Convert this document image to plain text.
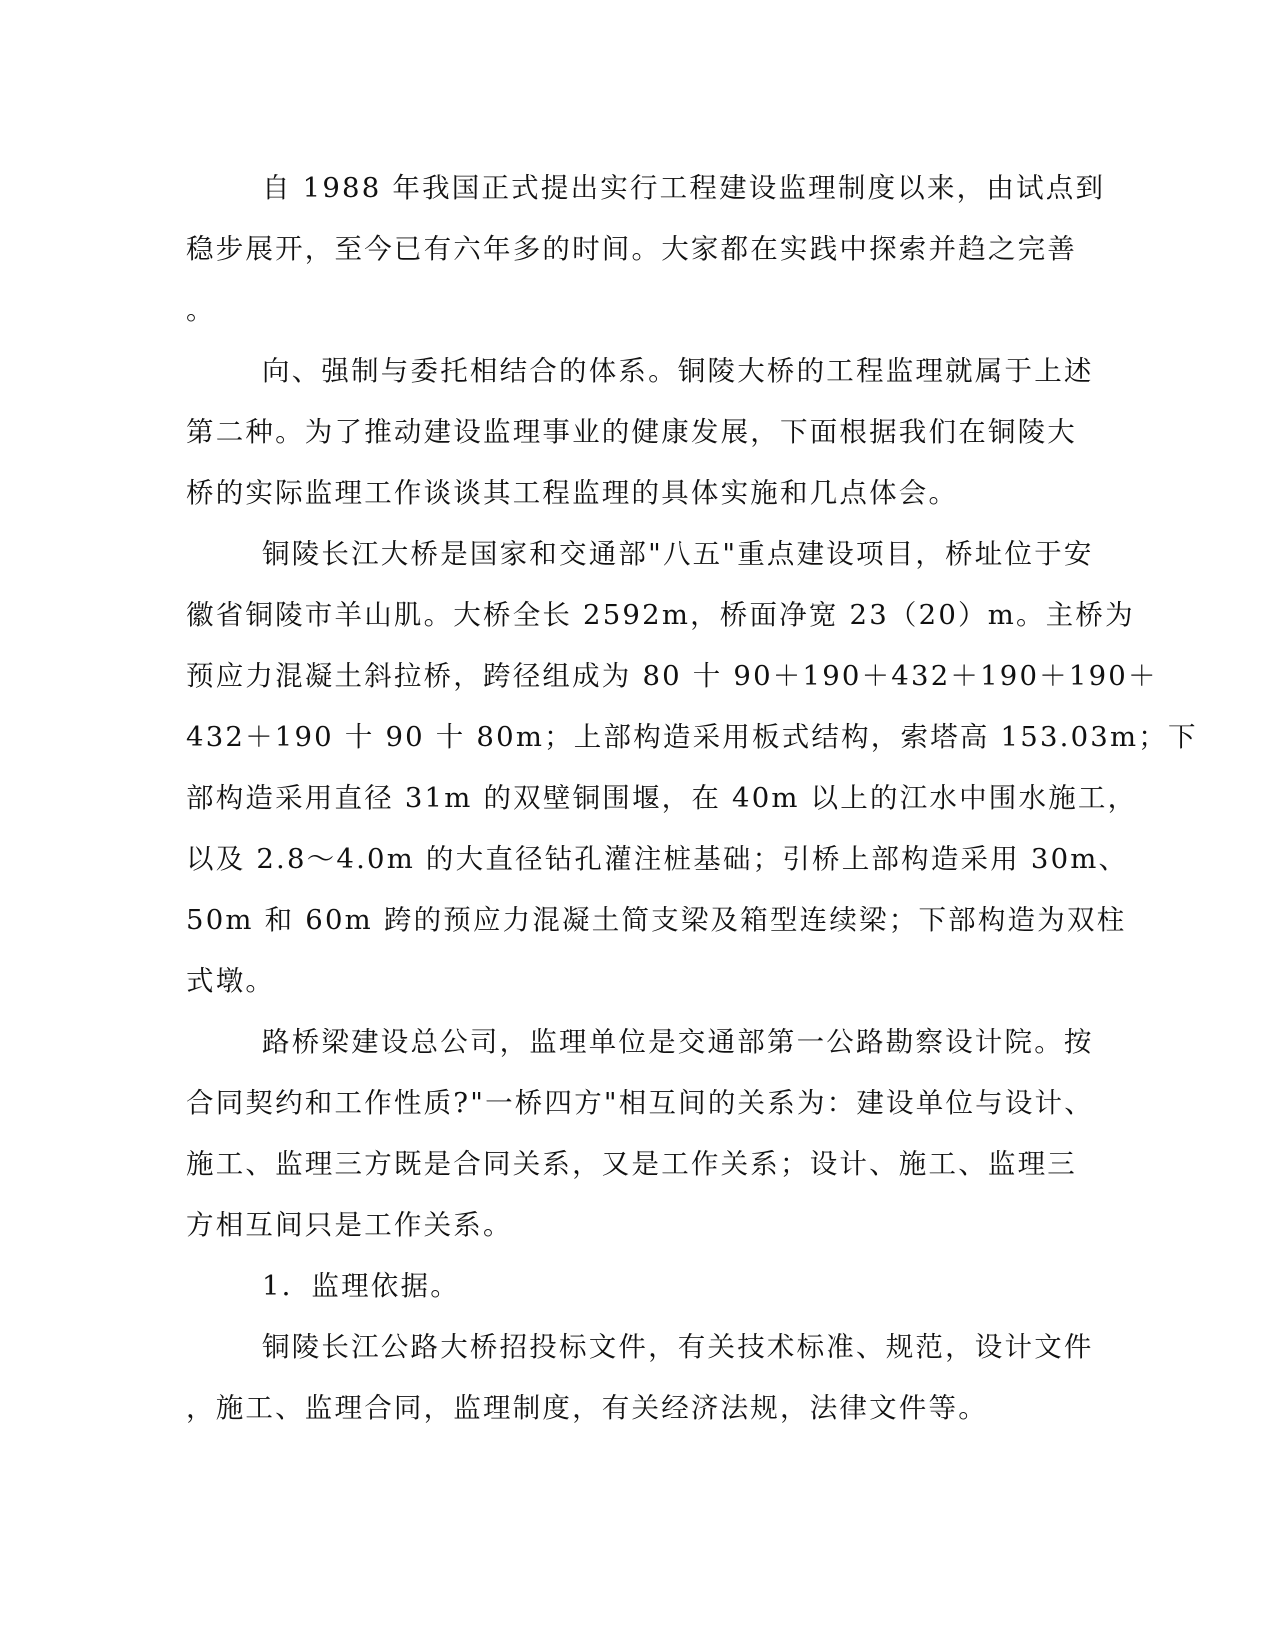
自 1988 年我国正式提出实行工程建设监理制度以来，由试点到

稳步展开，至今已有六年多的时间。大家都在实践中探索并趋之完善

。

向、强制与委托相结合的体系。铜陵大桥的工程监理就属于上述

第二种。为了推动建设监理事业的健康发展，下面根据我们在铜陵大

桥的实际监理工作谈谈其工程监理的具体实施和几点体会。

铜陵长江大桥是国家和交通部"八五"重点建设项目，桥址位于安

徽省铜陵市羊山肌。大桥全长 2592m，桥面净宽 23（20）m。主桥为

预应力混凝土斜拉桥，跨径组成为 80 十 90＋190＋432＋190＋190＋

432＋190 十 90 十 80m；上部构造采用板式结构，索塔高 153.03m；下

部构造采用直径 31m 的双壁铜围堰，在 40m 以上的江水中围水施工，

以及 2.8～4.0m 的大直径钻孔灌注桩基础；引桥上部构造采用 30m、

50m 和 60m 跨的预应力混凝土简支梁及箱型连续梁；下部构造为双柱

式墩。

路桥梁建设总公司，监理单位是交通部第一公路勘察设计院。按

合同契约和工作性质?"一桥四方"相互间的关系为：建设单位与设计、

施工、监理三方既是合同关系，又是工作关系；设计、施工、监理三

方相互间只是工作关系。

1．监理依据。

铜陵长江公路大桥招投标文件，有关技术标准、规范，设计文件

，施工、监理合同，监理制度，有关经济法规，法律文件等。
